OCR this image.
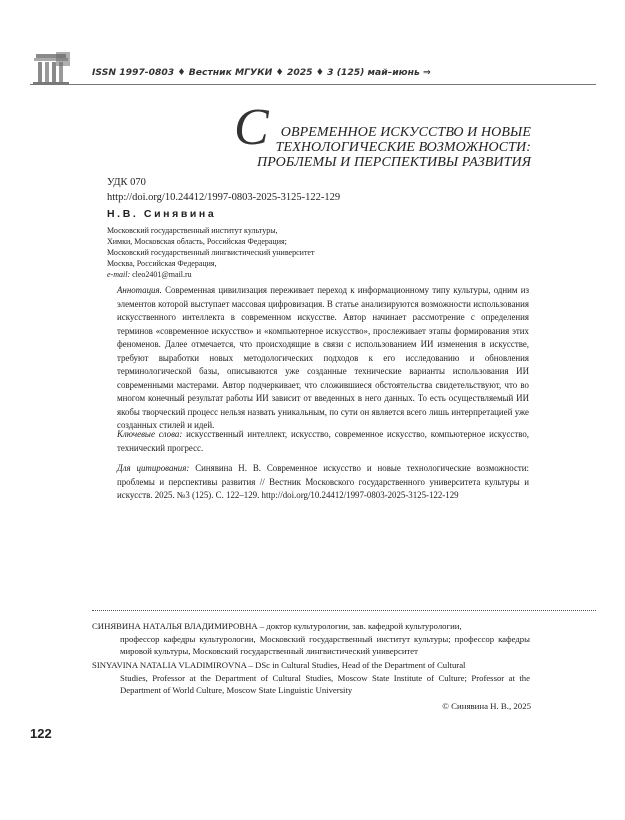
ISSN 1997-0803 ♦ Вестник МГУКИ ♦ 2025 ♦ 3 (125) май–июнь ⇒
С ОВРЕМЕННОЕ ИСКУССТВО И НОВЫЕ
ТЕХНОЛОГИЧЕСКИЕ ВОЗМОЖНОСТИ:
ПРОБЛЕМЫ И ПЕРСПЕКТИВЫ РАЗВИТИЯ
УДК 070
http://doi.org/10.24412/1997-0803-2025-3125-122-129
Н.В. Синявина
Московский государственный институт культуры,
Химки, Московская область, Российская Федерация;
Московский государственный лингвистический университет
Москва, Российская Федерация,
e-mail: cleo2401@mail.ru
Аннотация. Современная цивилизация переживает переход к информационному типу культуры, одним из элементов которой выступает массовая цифровизация. В статье анализируются возможности использования искусственного интеллекта в современном искусстве. Автор начинает рассмотрение с определения терминов «современное искусство» и «компьютерное искусство», прослеживает этапы формирования этих феноменов. Далее отмечается, что происходящие в связи с использованием ИИ изменения в искусстве, требуют выработки новых методологических подходов к его исследованию и обновления терминологической базы, описываются уже созданные технические варианты использования ИИ современными мастерами. Автор подчеркивает, что сложившиеся обстоятельства свидетельствуют, что во многом конечный результат работы ИИ зависит от введенных в него данных. То есть осуществляемый ИИ якобы творческий процесс нельзя назвать уникальным, по сути он является всего лишь интерпретацией уже созданных стилей и идей.
Ключевые слова: искусственный интеллект, искусство, современное искусство, компьютерное искусство, технический прогресс.
Для цитирования: Синявина Н. В. Современное искусство и новые технологические возможности: проблемы и перспективы развития // Вестник Московского государственного университета культуры и искусств. 2025. №3 (125). С. 122–129. http://doi.org/10.24412/1997-0803-2025-3125-122-129
СИНЯВИНА НАТАЛЬЯ ВЛАДИМИРОВНА – доктор культурологии, зав. кафедрой культурологии,
профессор кафедры культурологии, Московский государственный институт культуры; профессор кафедры мировой культуры, Московский государственный лингвистический университет
SINYAVINA NATALIA VLADIMIROVNA – DSc in Cultural Studies, Head of the Department of Cultural
Studies, Professor at the Department of Cultural Studies, Moscow State Institute of Culture; Professor at the Department of World Culture, Moscow State Linguistic University
© Синявина Н. В., 2025
122
